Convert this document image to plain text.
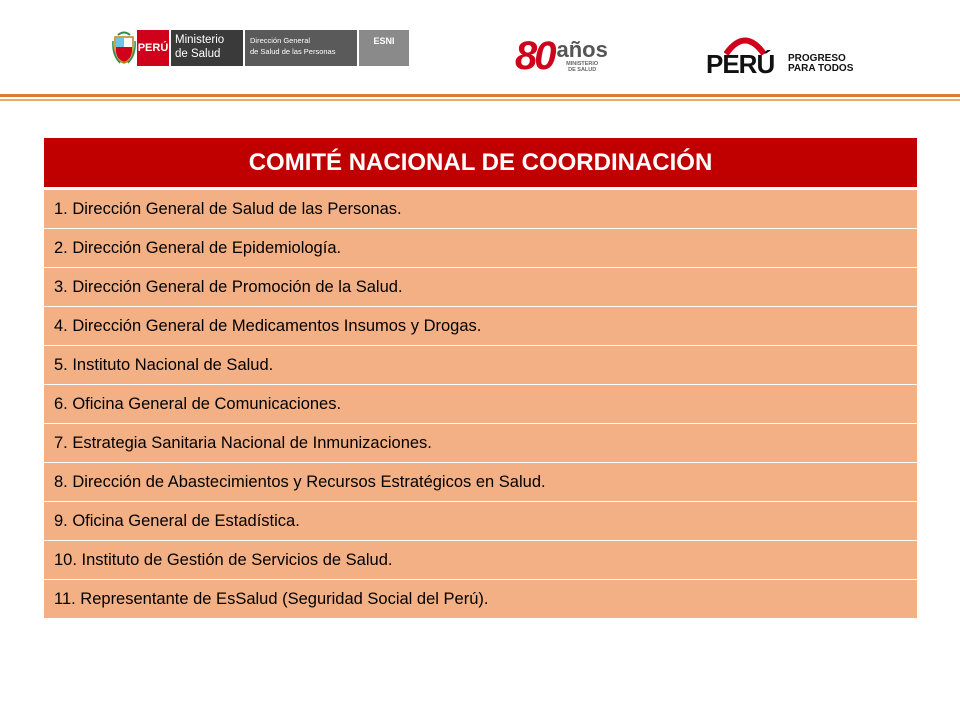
PERÚ
Ministerio
de Salud
Dirección General
de Salud de las Personas
ESNI	80 años
MINISTERIO
DE SALUD	PERÚ PROGRESO
PARA TODOS
COMITÉ NACIONAL DE COORDINACIÓN
1. Dirección General de Salud de las Personas.
2. Dirección General de Epidemiología.
3. Dirección General de Promoción de la Salud.
4. Dirección General de Medicamentos Insumos y Drogas.
5. Instituto Nacional de Salud.
6. Oficina General de Comunicaciones.
7. Estrategia Sanitaria Nacional de Inmunizaciones.
8. Dirección de Abastecimientos y Recursos Estratégicos en Salud.
9. Oficina General de Estadística.
10. Instituto de Gestión de Servicios de Salud.
11. Representante de EsSalud (Seguridad Social del Perú).
